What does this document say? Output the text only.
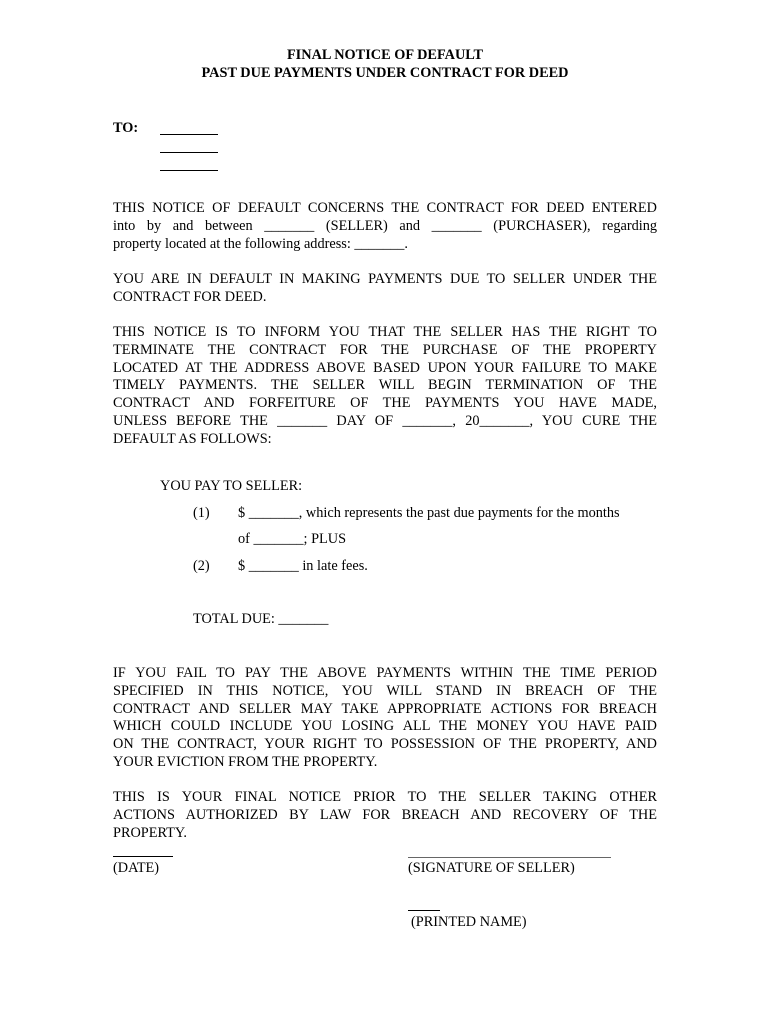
FINAL NOTICE OF DEFAULT
PAST DUE PAYMENTS UNDER CONTRACT FOR DEED
TO:
THIS NOTICE OF DEFAULT CONCERNS THE CONTRACT FOR DEED ENTERED
into by and between _______ (SELLER) and _______ (PURCHASER), regarding
property located at the following address: _______.
YOU ARE IN DEFAULT IN MAKING PAYMENTS DUE TO SELLER UNDER THE
CONTRACT FOR DEED.
THIS NOTICE IS TO INFORM YOU THAT THE SELLER HAS THE RIGHT TO
TERMINATE THE CONTRACT FOR THE PURCHASE OF THE PROPERTY
LOCATED AT THE ADDRESS ABOVE BASED UPON YOUR FAILURE TO MAKE
TIMELY PAYMENTS. THE SELLER WILL BEGIN TERMINATION OF THE
CONTRACT AND FORFEITURE OF THE PAYMENTS YOU HAVE MADE,
UNLESS BEFORE THE _______ DAY OF _______, 20_______, YOU CURE THE
DEFAULT AS FOLLOWS:
YOU PAY TO SELLER:
(1) $ _______, which represents the past due payments for the months
of _______; PLUS
(2) $ _______ in late fees.
TOTAL DUE: _______
IF YOU FAIL TO PAY THE ABOVE PAYMENTS WITHIN THE TIME PERIOD
SPECIFIED IN THIS NOTICE, YOU WILL STAND IN BREACH OF THE
CONTRACT AND SELLER MAY TAKE APPROPRIATE ACTIONS FOR BREACH
WHICH COULD INCLUDE YOU LOSING ALL THE MONEY YOU HAVE PAID
ON THE CONTRACT, YOUR RIGHT TO POSSESSION OF THE PROPERTY, AND
YOUR EVICTION FROM THE PROPERTY.
THIS IS YOUR FINAL NOTICE PRIOR TO THE SELLER TAKING OTHER
ACTIONS AUTHORIZED BY LAW FOR BREACH AND RECOVERY OF THE
PROPERTY.
(DATE)	(SIGNATURE OF SELLER)
(PRINTED NAME)
